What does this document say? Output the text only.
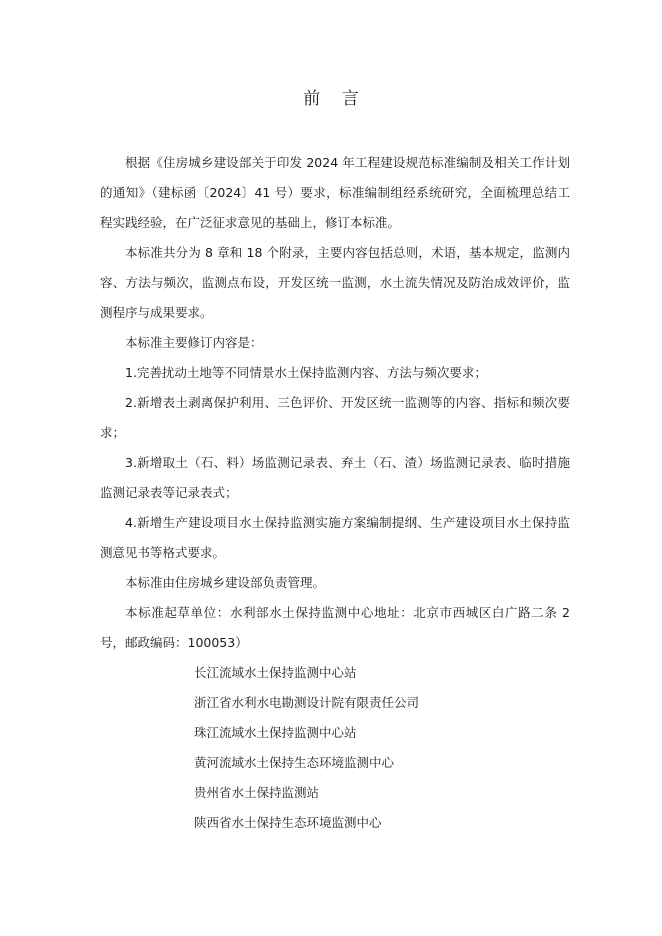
前 言

根据《住房城乡建设部关于印发 2024 年工程建设规范标准编制及相关工作计划的通知》（建标函〔2024〕41 号）要求，标准编制组经系统研究，全面梳理总结工程实践经验，在广泛征求意见的基础上，修订本标准。

本标准共分为 8 章和 18 个附录，主要内容包括总则，术语，基本规定，监测内容、方法与频次，监测点布设，开发区统一监测，水土流失情况及防治成效评价，监测程序与成果要求。

本标准主要修订内容是：

1.完善扰动土地等不同情景水土保持监测内容、方法与频次要求；

2.新增表土剥离保护利用、三色评价、开发区统一监测等的内容、指标和频次要求；

3.新增取土（石、料）场监测记录表、弃土（石、渣）场监测记录表、临时措施监测记录表等记录表式；

4.新增生产建设项目水土保持监测实施方案编制提纲、生产建设项目水土保持监测意见书等格式要求。

本标准由住房城乡建设部负责管理。

本标准起草单位：水利部水土保持监测中心地址：北京市西城区白广路二条 2 号，邮政编码：100053）

长江流域水土保持监测中心站
浙江省水利水电勘测设计院有限责任公司
珠江流域水土保持监测中心站
黄河流域水土保持生态环境监测中心
贵州省水土保持监测站
陕西省水土保持生态环境监测中心
